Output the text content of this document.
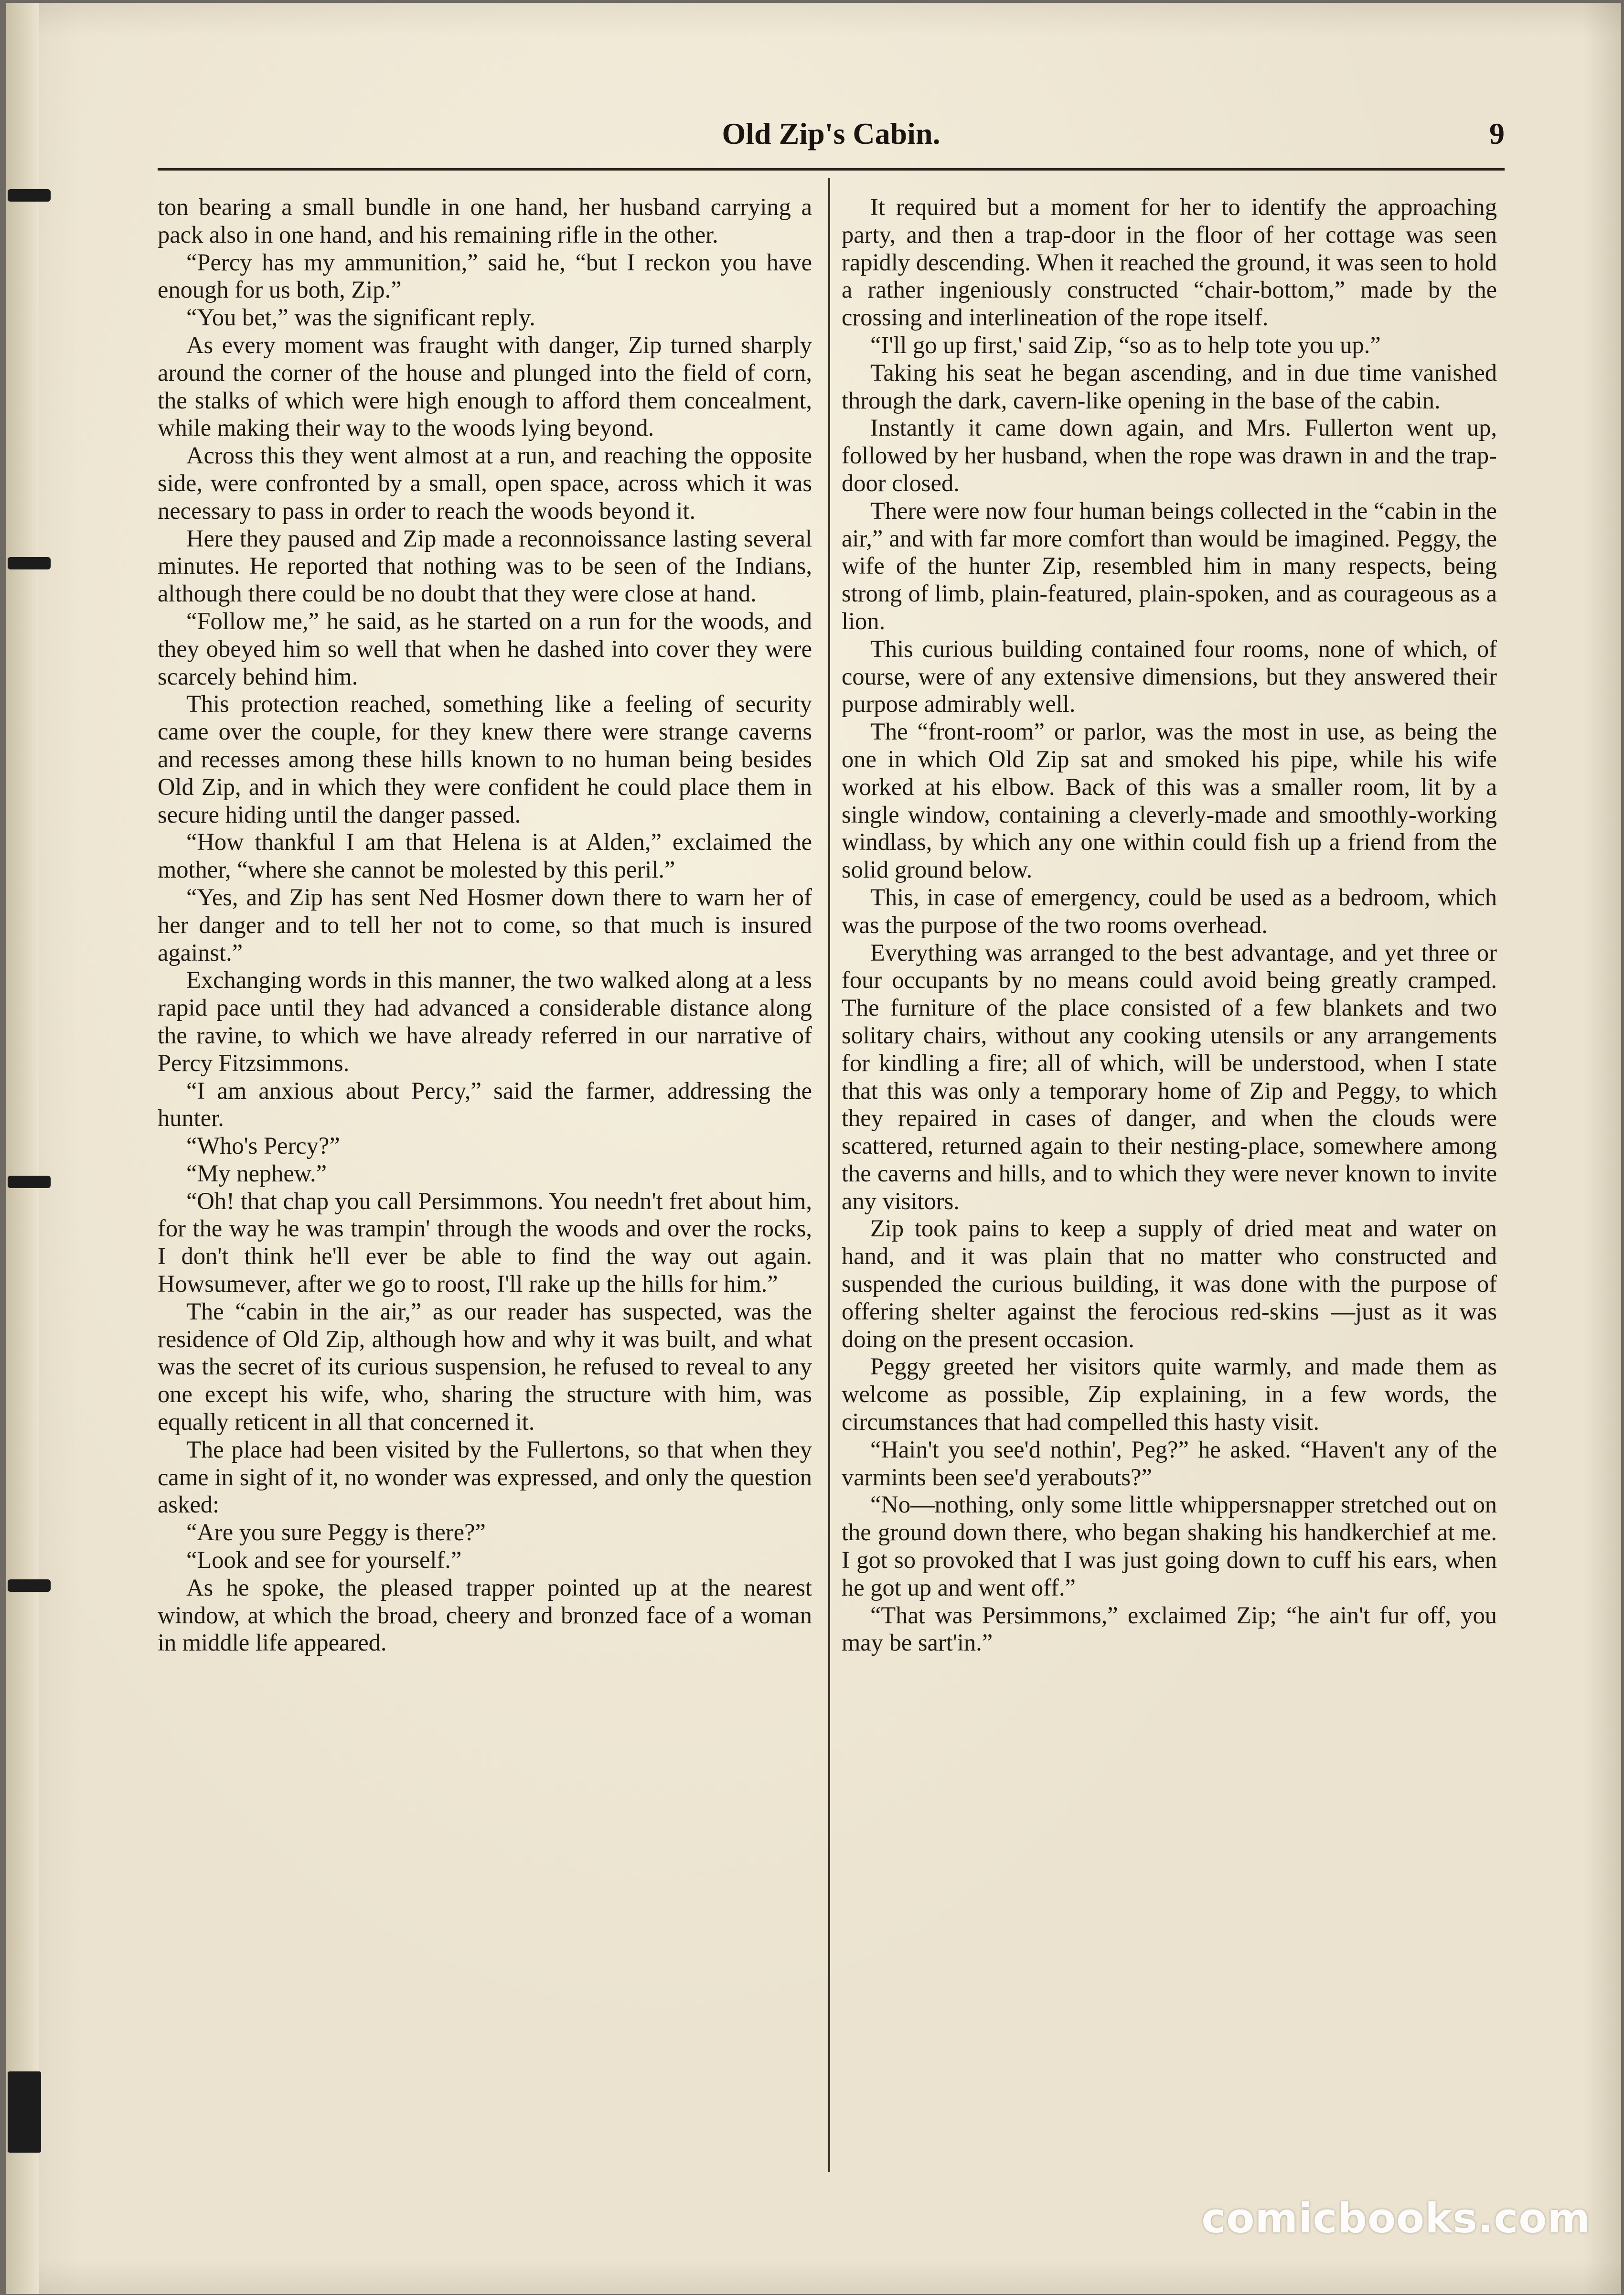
Old Zip's Cabin.	9

ton bearing a small bundle in one hand, her husband carrying a pack also in one hand, and his remaining rifle in the other.

“Percy has my ammunition,” said he, “but I reckon you have enough for us both, Zip.”

“You bet,” was the significant reply.

As every moment was fraught with danger, Zip turned sharply around the corner of the house and plunged into the field of corn, the stalks of which were high enough to afford them concealment, while making their way to the woods lying beyond.

Across this they went almost at a run, and reaching the opposite side, were confronted by a small, open space, across which it was necessary to pass in order to reach the woods beyond it.

Here they paused and Zip made a reconnoissance lasting several minutes. He reported that nothing was to be seen of the Indians, although there could be no doubt that they were close at hand.

“Follow me,” he said, as he started on a run for the woods, and they obeyed him so well that when he dashed into cover they were scarcely behind him.

This protection reached, something like a feeling of security came over the couple, for they knew there were strange caverns and recesses among these hills known to no human being besides Old Zip, and in which they were confident he could place them in secure hiding until the danger passed.

“How thankful I am that Helena is at Alden,” exclaimed the mother, “where she cannot be molested by this peril.”

“Yes, and Zip has sent Ned Hosmer down there to warn her of her danger and to tell her not to come, so that much is insured against.”

Exchanging words in this manner, the two walked along at a less rapid pace until they had advanced a considerable distance along the ravine, to which we have already referred in our narrative of Percy Fitzsimmons.

“I am anxious about Percy,” said the farmer, addressing the hunter.

“Who's Percy?”

“My nephew.”

“Oh! that chap you call Persimmons. You needn't fret about him, for the way he was trampin' through the woods and over the rocks, I don't think he'll ever be able to find the way out again. Howsumever, after we go to roost, I'll rake up the hills for him.”

The “cabin in the air,” as our reader has suspected, was the residence of Old Zip, although how and why it was built, and what was the secret of its curious suspension, he refused to reveal to any one except his wife, who, sharing the structure with him, was equally reticent in all that concerned it.

The place had been visited by the Fullertons, so that when they came in sight of it, no wonder was expressed, and only the question asked:

“Are you sure Peggy is there?”

“Look and see for yourself.”

As he spoke, the pleased trapper pointed up at the nearest window, at which the broad, cheery and bronzed face of a woman in middle life appeared.

It required but a moment for her to identify the approaching party, and then a trap-door in the floor of her cottage was seen rapidly descending. When it reached the ground, it was seen to hold a rather ingeniously constructed “chair-bottom,” made by the crossing and interlineation of the rope itself.

“I'll go up first,' said Zip, “so as to help tote you up.”

Taking his seat he began ascending, and in due time vanished through the dark, cavern-like opening in the base of the cabin.

Instantly it came down again, and Mrs. Fullerton went up, followed by her husband, when the rope was drawn in and the trap-door closed.

There were now four human beings collected in the “cabin in the air,” and with far more comfort than would be imagined. Peggy, the wife of the hunter Zip, resembled him in many respects, being strong of limb, plain-featured, plain-spoken, and as courageous as a lion.

This curious building contained four rooms, none of which, of course, were of any extensive dimensions, but they answered their purpose admirably well.

The “front-room” or parlor, was the most in use, as being the one in which Old Zip sat and smoked his pipe, while his wife worked at his elbow. Back of this was a smaller room, lit by a single window, containing a cleverly-made and smoothly-working windlass, by which any one within could fish up a friend from the solid ground below.

This, in case of emergency, could be used as a bedroom, which was the purpose of the two rooms overhead.

Everything was arranged to the best advantage, and yet three or four occupants by no means could avoid being greatly cramped. The furniture of the place consisted of a few blankets and two solitary chairs, without any cooking utensils or any arrangements for kindling a fire; all of which, will be understood, when I state that this was only a temporary home of Zip and Peggy, to which they repaired in cases of danger, and when the clouds were scattered, returned again to their nesting-place, somewhere among the caverns and hills, and to which they were never known to invite any visitors.

Zip took pains to keep a supply of dried meat and water on hand, and it was plain that no matter who constructed and suspended the curious building, it was done with the purpose of offering shelter against the ferocious red-skins —just as it was doing on the present occasion.

Peggy greeted her visitors quite warmly, and made them as welcome as possible, Zip explaining, in a few words, the circumstances that had compelled this hasty visit.

“Hain't you see'd nothin', Peg?” he asked. “Haven't any of the varmints been see'd yerabouts?”

“No—nothing, only some little whippersnapper stretched out on the ground down there, who began shaking his handkerchief at me. I got so provoked that I was just going down to cuff his ears, when he got up and went off.”

“That was Persimmons,” exclaimed Zip; “he ain't fur off, you may be sart'in.”

comicbooks.com
